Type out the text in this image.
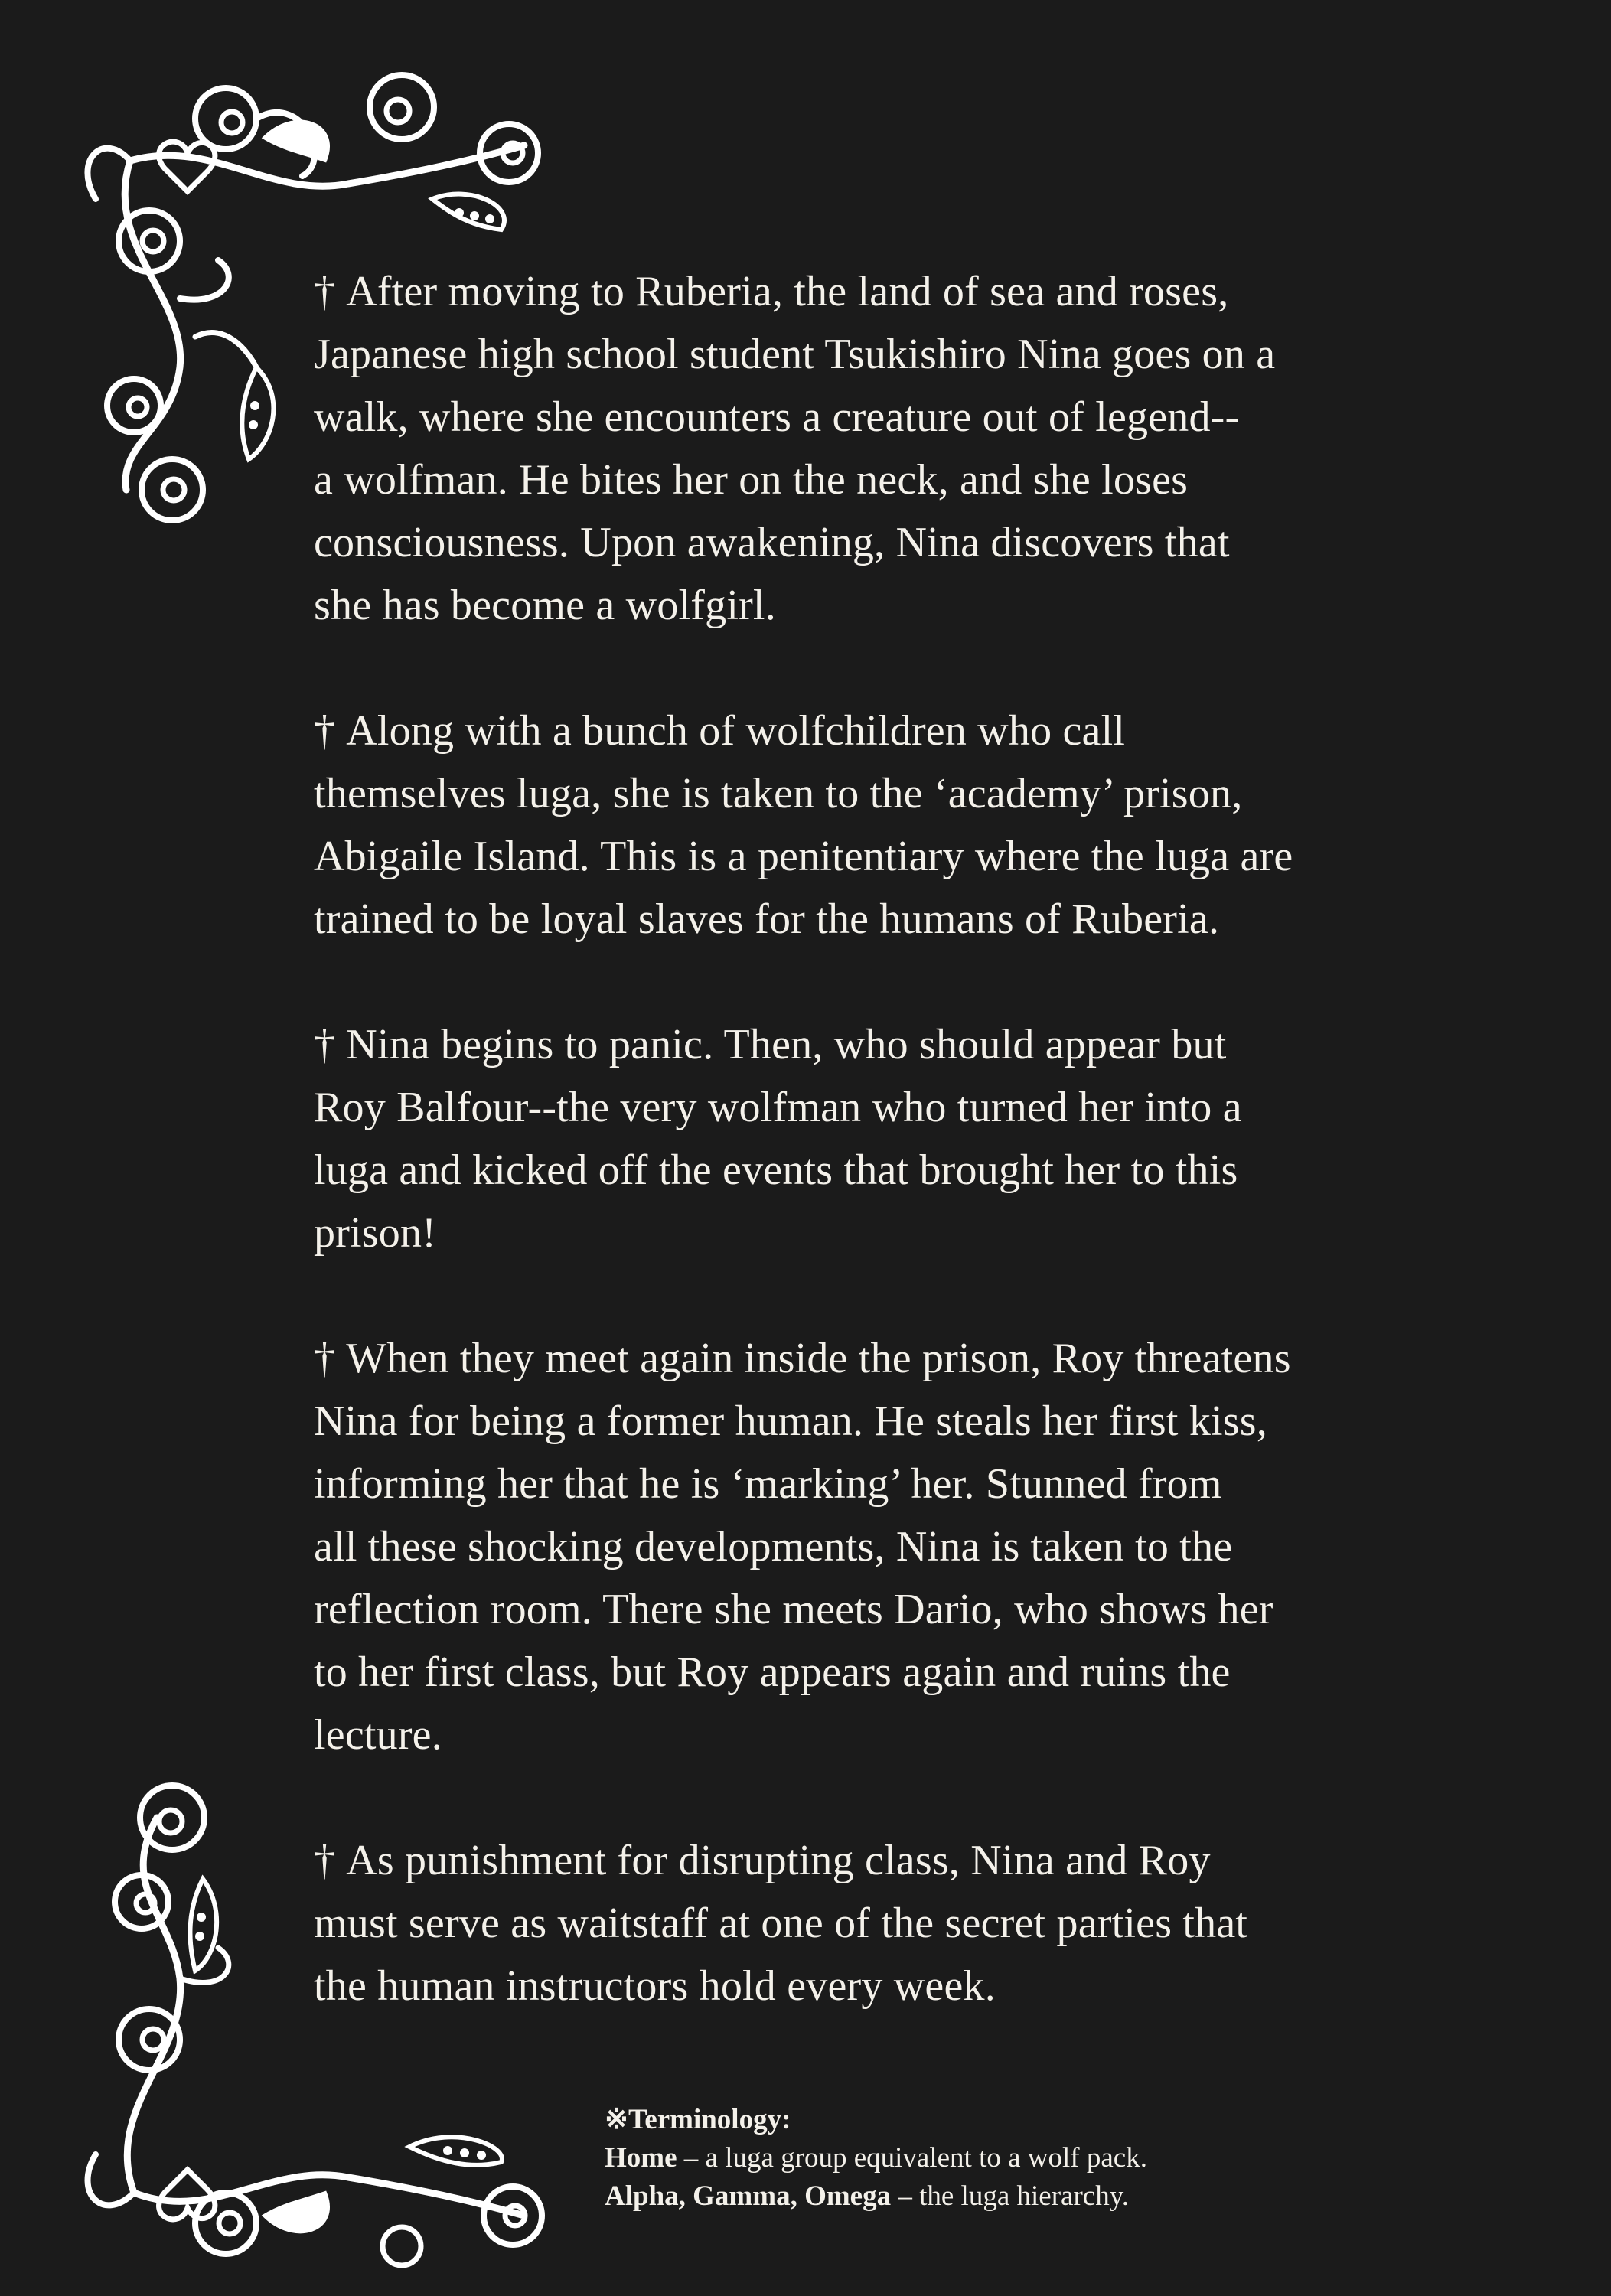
† After moving to Ruberia, the land of sea and roses,
Japanese high school student Tsukishiro Nina goes on a
walk, where she encounters a creature out of legend--
a wolfman. He bites her on the neck, and she loses
consciousness. Upon awakening, Nina discovers that
she has become a wolfgirl.

† Along with a bunch of wolfchildren who call
themselves luga, she is taken to the ‘academy’ prison,
Abigaile Island. This is a penitentiary where the luga are
trained to be loyal slaves for the humans of Ruberia.

† Nina begins to panic. Then, who should appear but
Roy Balfour--the very wolfman who turned her into a
luga and kicked off the events that brought her to this
prison!

† When they meet again inside the prison, Roy threatens
Nina for being a former human. He steals her first kiss,
informing her that he is ‘marking’ her. Stunned from
all these shocking developments, Nina is taken to the
reflection room. There she meets Dario, who shows her
to her first class, but Roy appears again and ruins the
lecture.

† As punishment for disrupting class, Nina and Roy
must serve as waitstaff at one of the secret parties that
the human instructors hold every week.

※Terminology:
Home – a luga group equivalent to a wolf pack.
Alpha, Gamma, Omega – the luga hierarchy.
